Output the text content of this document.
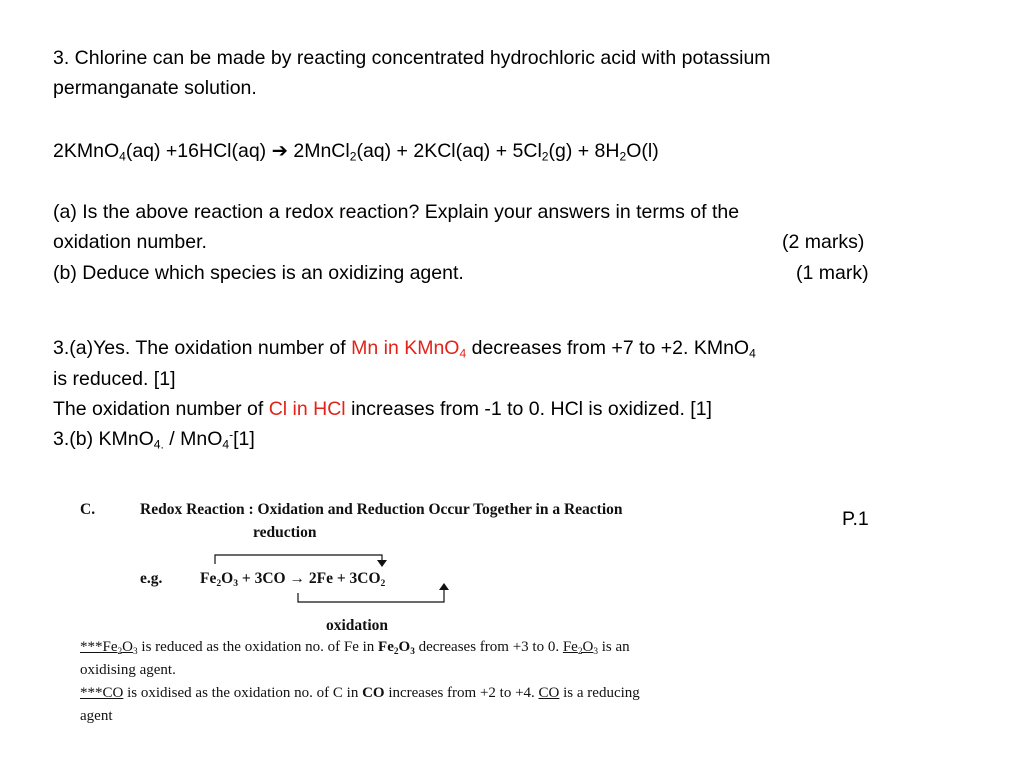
3. Chlorine can be made by reacting concentrated hydrochloric acid with potassium
permanganate solution.
2KMnO$_4$(aq) +16HCl(aq) ➔ 2MnCl$_2$(aq) + $2KCl(aq) + 5Cl_2(g) + 8H_2O(l)$
(a) Is the above reaction a redox reaction? Explain your answers in terms of the
oxidation number.	(2 marks)
(b) Deduce which species is an oxidizing agent.	(1 mark)
3.(a)Yes. The oxidation number of Mn in KMnO$_4$ decreases from +7 to +2. KMnO$_4$
is reduced. [1]
The oxidation number of Cl in HCl increases from -1 to 0. HCl is oxidized. [1]
3.(b) KMnO$_{4.}$ / MnO$_4$-[1]
C.	Redox Reaction : Oxidation and Reduction Occur Together in a Reaction
reduction
e.g. $Fe_2O_3 + 3CO \to 2Fe + 3CO_2$
oxidation
$***Fe_2O_3$ is reduced as the oxidation no. of Fe in $Fe_2O_3$ decreases from +3 to 0. $Fe_2O_3$ is an
oxidising agent.
***CO is oxidised as the oxidation no. of C in CO increases from +2 to +4. CO is a reducing
agent
P.1
